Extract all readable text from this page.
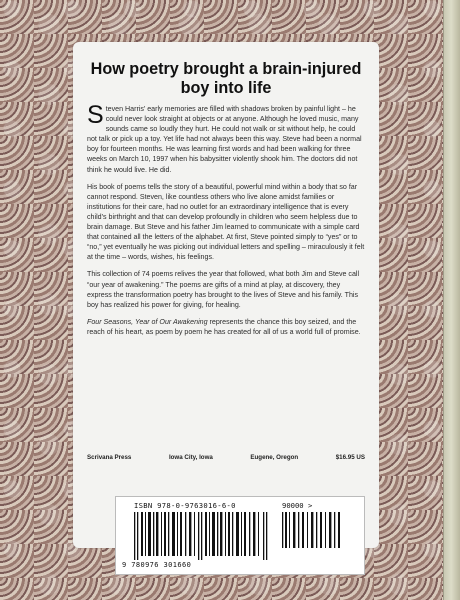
How poetry brought a brain-injured boy into life

Steven Harris’ early memories are filled with shadows broken by painful light – he could never look straight at objects or at anyone. Although he loved music, many sounds came so loudly they hurt. He could not walk or sit without help, he could not talk or pick up a toy. Yet life had not always been this way. Steve had been a normal boy for fourteen months. He was learning first words and had been walking for three weeks on March 10, 1997 when his babysitter violently shook him. The doctors did not think he would live. He did.

His book of poems tells the story of a beautiful, powerful mind within a body that so far cannot respond. Steven, like countless others who live alone amidst families or institutions for their care, had no outlet for an extraordinary intelligence that is every child’s birthright and that can develop profoundly in children who seem helpless due to brain damage. But Steve and his father Jim learned to communicate with a simple card that contained all the letters of the alphabet. At first, Steve pointed simply to “yes” or to “no,” yet eventually he was picking out individual letters and spelling – miraculously it felt at the time – words, wishes, his feelings.

This collection of 74 poems relives the year that followed, what both Jim and Steve call “our year of awakening.” The poems are gifts of a mind at play, at discovery, they express the transformation poetry has brought to the lives of Steve and his family. This boy has realized his power for giving, for healing.

Four Seasons, Year of Our Awakening represents the chance this boy seized, and the reach of his heart, as poem by poem he has created for all of us a world full of promise.

Scrivana Press	Iowa City, Iowa	Eugene, Oregon	$16.95 US
ISBN 978-0-9763016-6-0	90000 >
9 780976 301660
